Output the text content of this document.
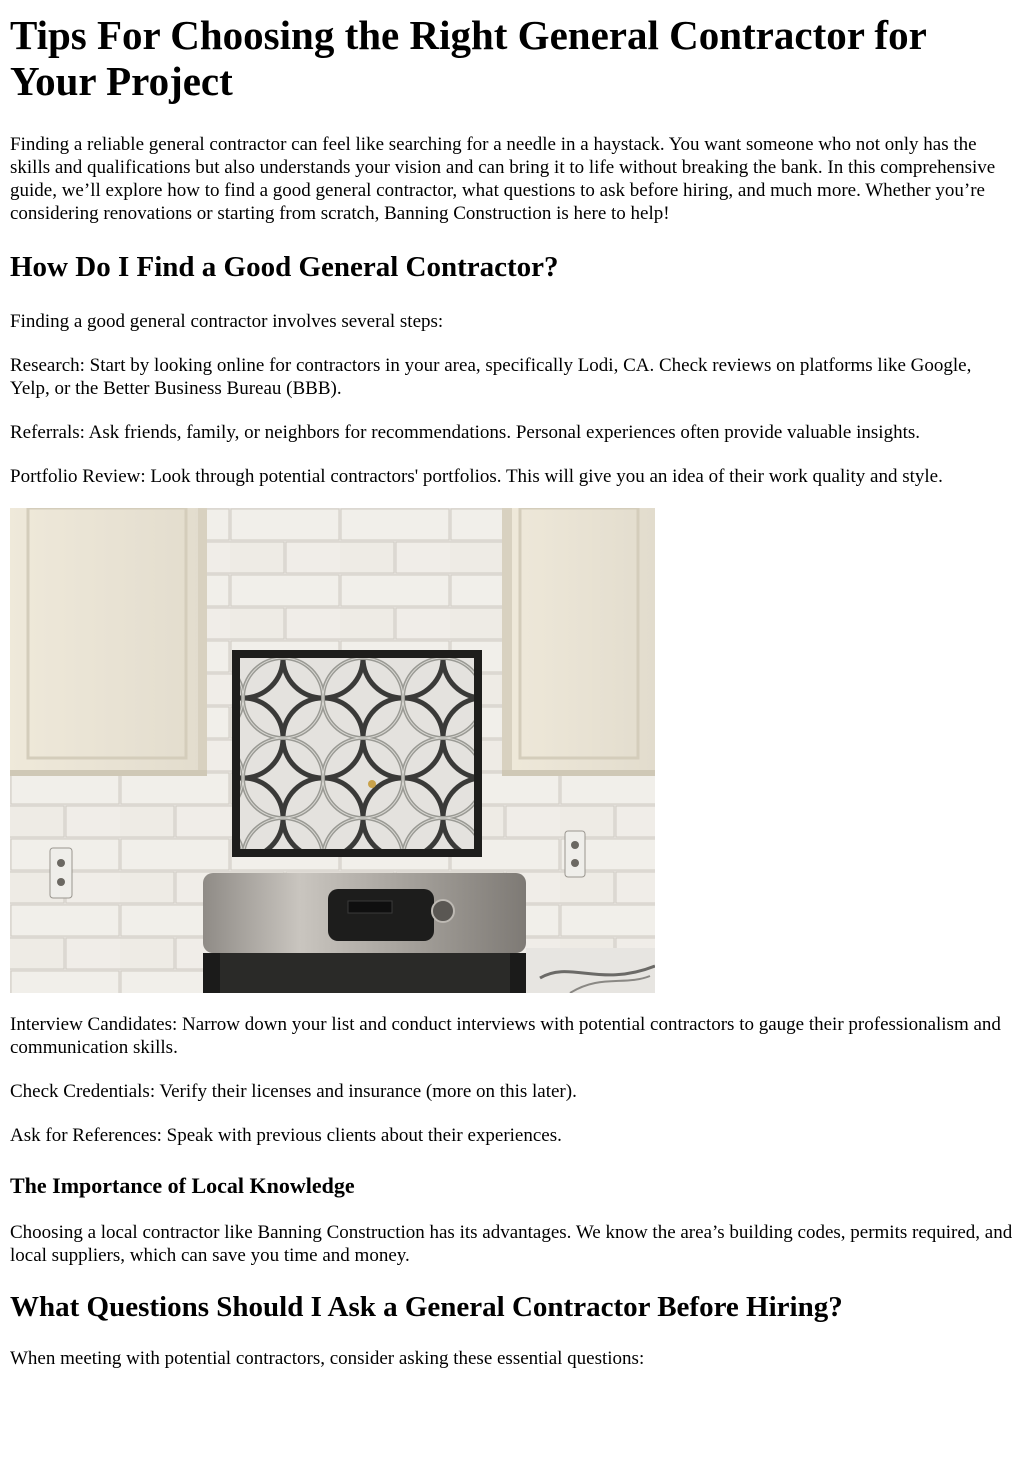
Tips For Choosing the Right General Contractor for Your Project

Finding a reliable general contractor can feel like searching for a needle in a haystack. You want someone who not only has the skills and qualifications but also understands your vision and can bring it to life without breaking the bank. In this comprehensive guide, we’ll explore how to find a good general contractor, what questions to ask before hiring, and much more. Whether you’re considering renovations or starting from scratch, Banning Construction is here to help!

How Do I Find a Good General Contractor?

Finding a good general contractor involves several steps:

Research: Start by looking online for contractors in your area, specifically Lodi, CA. Check reviews on platforms like Google, Yelp, or the Better Business Bureau (BBB).

Referrals: Ask friends, family, or neighbors for recommendations. Personal experiences often provide valuable insights.

Portfolio Review: Look through potential contractors' portfolios. This will give you an idea of their work quality and style.

Interview Candidates: Narrow down your list and conduct interviews with potential contractors to gauge their professionalism and communication skills.

Check Credentials: Verify their licenses and insurance (more on this later).

Ask for References: Speak with previous clients about their experiences.

The Importance of Local Knowledge

Choosing a local contractor like Banning Construction has its advantages. We know the area’s building codes, permits required, and local suppliers, which can save you time and money.

What Questions Should I Ask a General Contractor Before Hiring?

When meeting with potential contractors, consider asking these essential questions:
